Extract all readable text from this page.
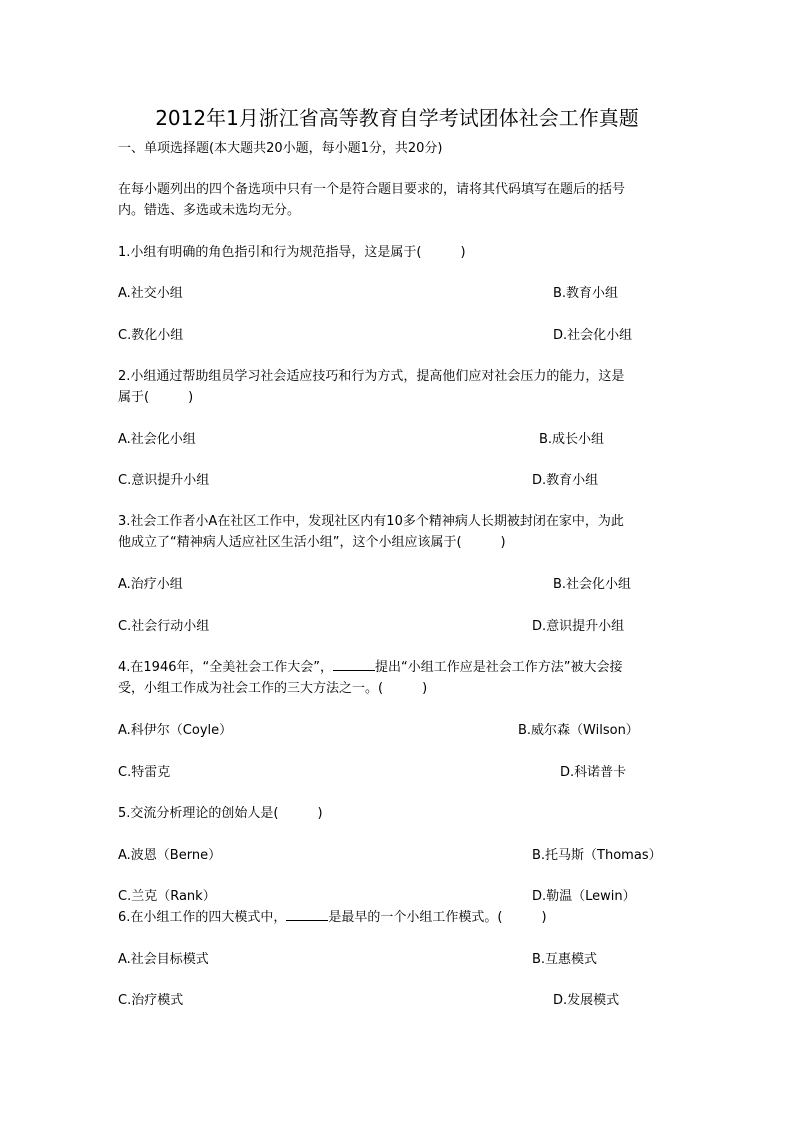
2012年1月浙江省高等教育自学考试团体社会工作真题
一、单项选择题(本大题共20小题，每小题1分，共20分)
在每小题列出的四个备选项中只有一个是符合题目要求的，请将其代码填写在题后的括号
内。错选、多选或未选均无分。
1.小组有明确的角色指引和行为规范指导，这是属于(　　　)
A.社交小组	B.教育小组
C.教化小组	D.社会化小组
2.小组通过帮助组员学习社会适应技巧和行为方式，提高他们应对社会压力的能力，这是
属于(　　　)
A.社会化小组	B.成长小组
C.意识提升小组	D.教育小组
3.社会工作者小A在社区工作中，发现社区内有10多个精神病人长期被封闭在家中，为此
他成立了“精神病人适应社区生活小组”，这个小组应该属于(　　　)
A.治疗小组	B.社会化小组
C.社会行动小组	D.意识提升小组
4.在1946年，“全美社会工作大会”，	提出“小组工作应是社会工作方法”被大会接
受，小组工作成为社会工作的三大方法之一。(　　　)
A.科伊尔（Coyle）	B.威尔森（Wilson）
C.特雷克	D.科诺普卡
5.交流分析理论的创始人是(　　　)
A.波恩（Berne）	B.托马斯（Thomas）
C.兰克（Rank）	D.勒温（Lewin）
6.在小组工作的四大模式中，	是最早的一个小组工作模式。(　　　)
A.社会目标模式	B.互惠模式
C.治疗模式	D.发展模式
